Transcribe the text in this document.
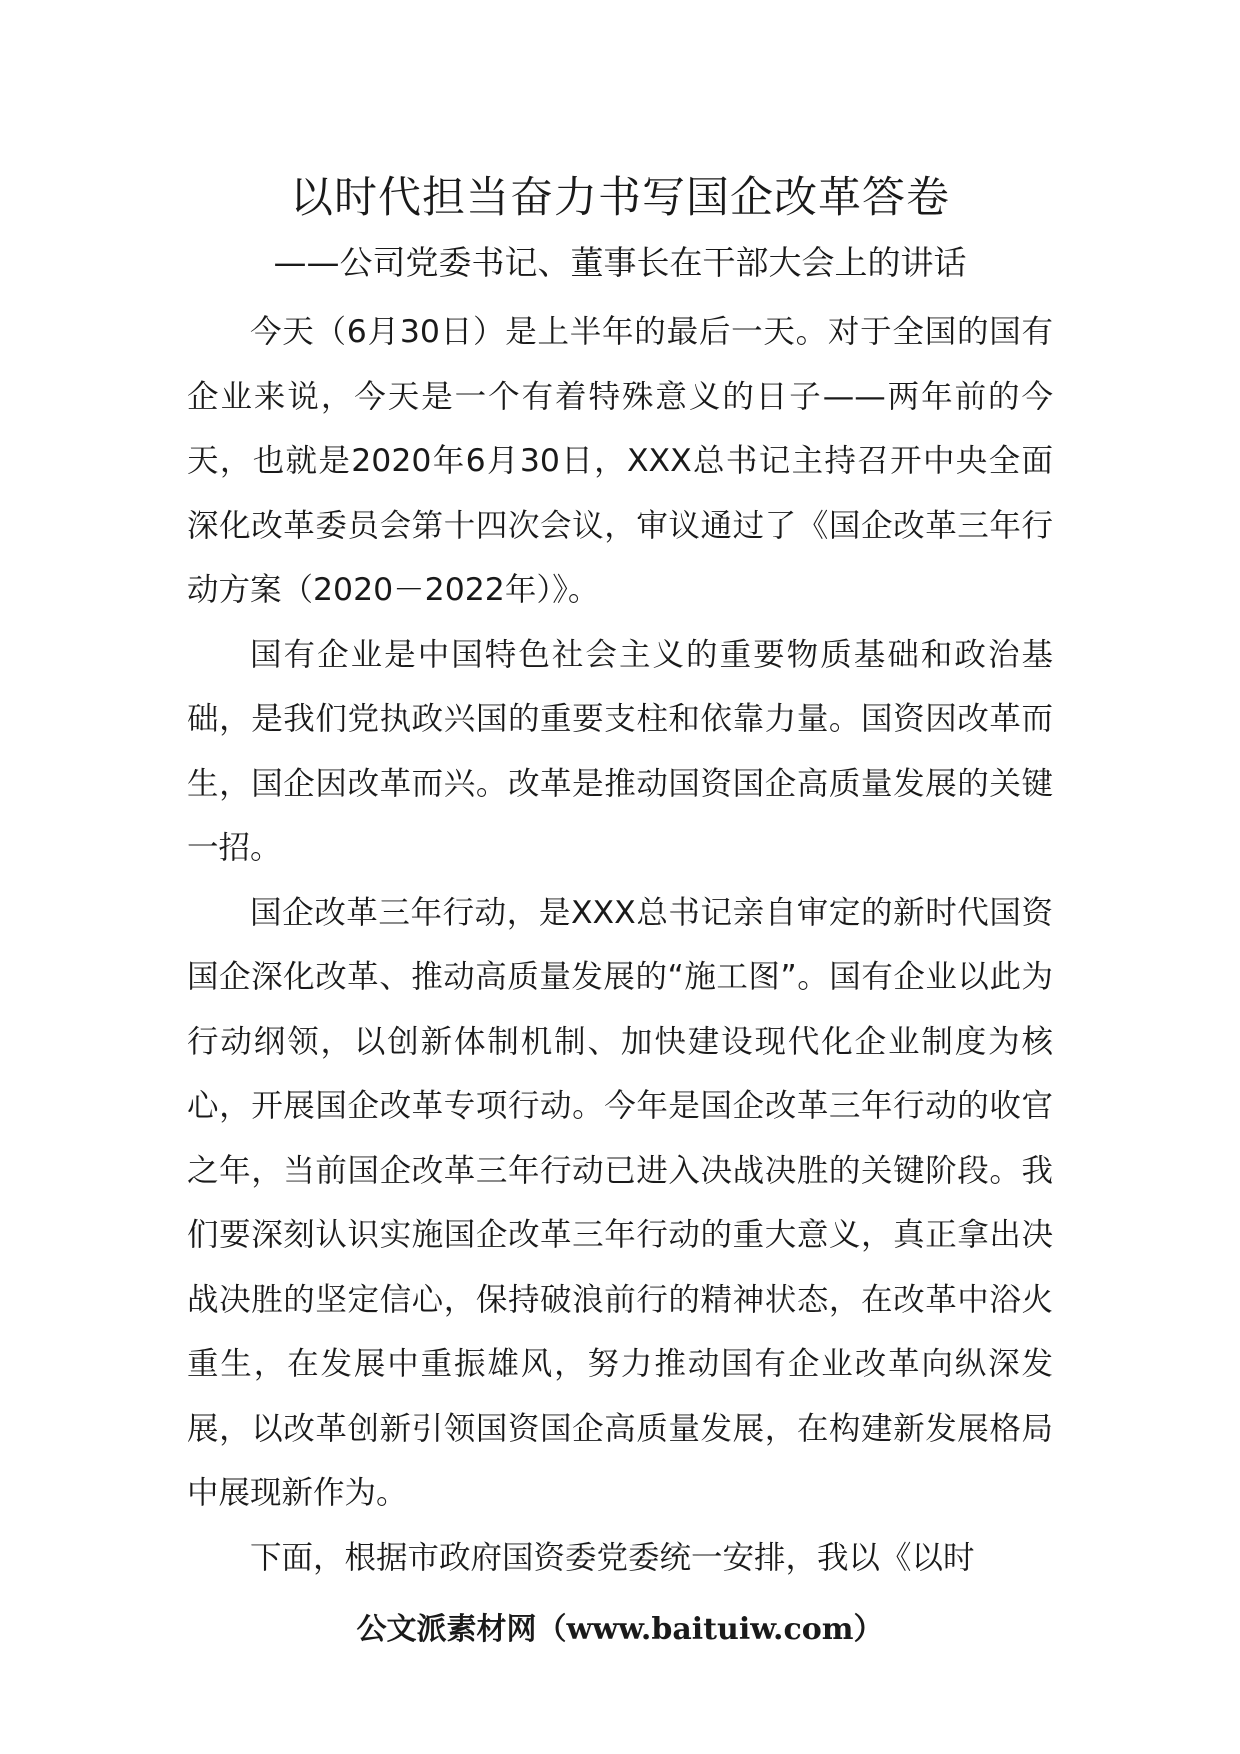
以时代担当奋力书写国企改革答卷
——公司党委书记、董事长在干部大会上的讲话

今天（6月30日）是上半年的最后一天。对于全国的国有企业来说，今天是一个有着特殊意义的日子——两年前的今天，也就是2020年6月30日，XXX总书记主持召开中央全面深化改革委员会第十四次会议，审议通过了《国企改革三年行动方案（2020－2022年）》。

国有企业是中国特色社会主义的重要物质基础和政治基础，是我们党执政兴国的重要支柱和依靠力量。国资因改革而生，国企因改革而兴。改革是推动国资国企高质量发展的关键一招。

国企改革三年行动，是XXX总书记亲自审定的新时代国资国企深化改革、推动高质量发展的“施工图”。国有企业以此为行动纲领，以创新体制机制、加快建设现代化企业制度为核心，开展国企改革专项行动。今年是国企改革三年行动的收官之年，当前国企改革三年行动已进入决战决胜的关键阶段。我们要深刻认识实施国企改革三年行动的重大意义，真正拿出决战决胜的坚定信心，保持破浪前行的精神状态，在改革中浴火重生，在发展中重振雄风，努力推动国有企业改革向纵深发展，以改革创新引领国资国企高质量发展，在构建新发展格局中展现新作为。

下面，根据市政府国资委党委统一安排，我以《以时

公文派素材网（www.baituiw.com）
